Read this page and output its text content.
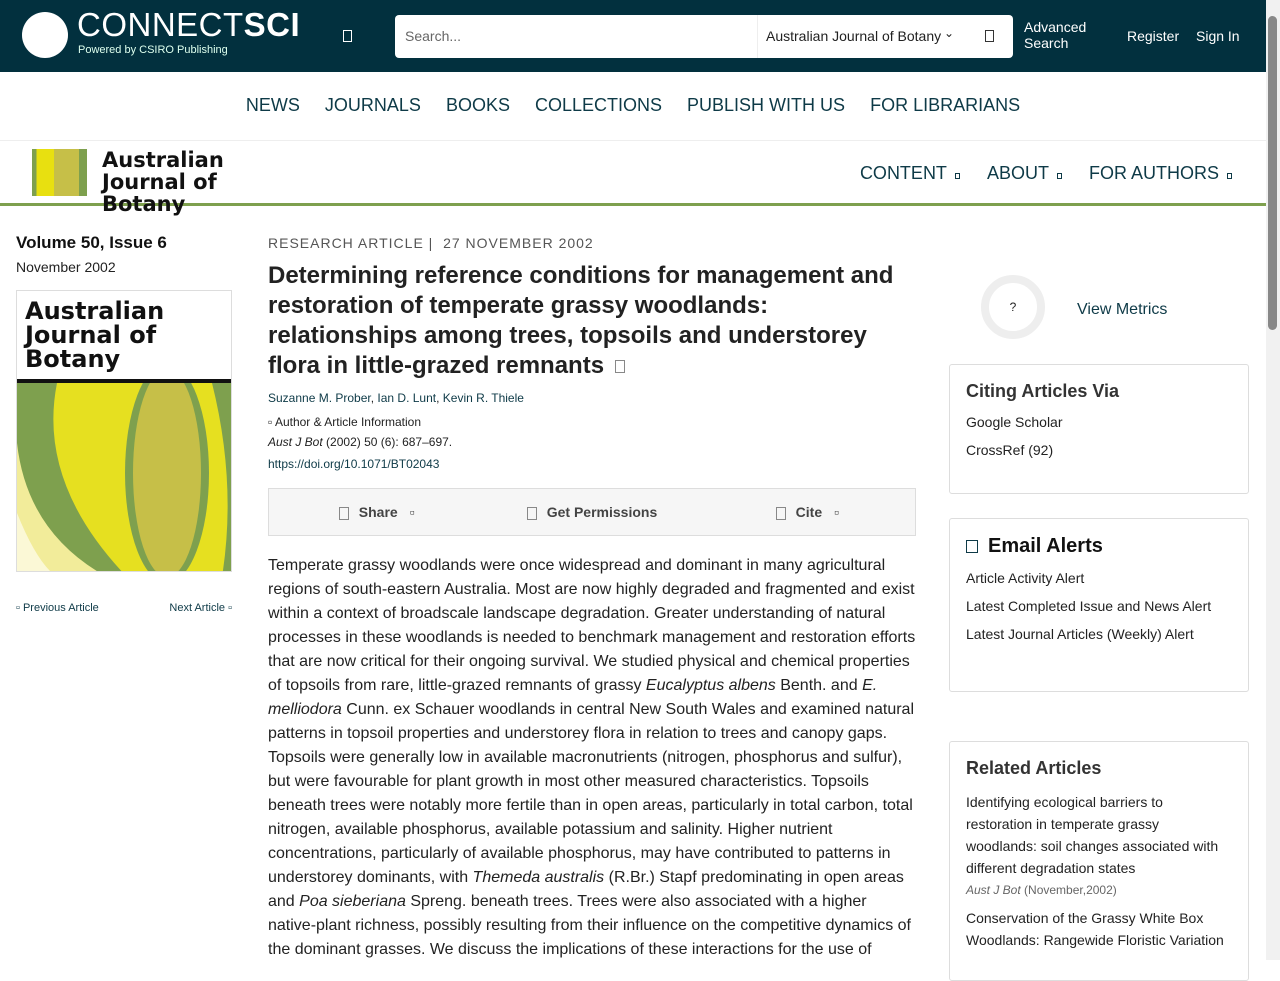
CONNECTSCI
Powered by CSIRO Publishing
Search...	Australian Journal of Botany ⌄	Advanced Search	Register Sign In
NEWS JOURNALS BOOKS COLLECTIONS PUBLISH WITH US FOR LIBRARIANS
Australian Journal of Botany
CONTENT ABOUT FOR AUTHORS
Volume 50, Issue 6
November 2002
Australian Journal of Botany
▫ Previous Article	Next Article ▫
RESEARCH ARTICLE |  27 NOVEMBER 2002
Determining reference conditions for management and restoration of temperate grassy woodlands: relationships among trees, topsoils and understorey flora in little-grazed remnants
Suzanne M. Prober, Ian D. Lunt, Kevin R. Thiele
▫ Author & Article Information
Aust J Bot (2002) 50 (6): 687–697.
https://doi.org/10.1071/BT02043
Share ▫	Get Permissions	Cite ▫

Temperate grassy woodlands were once widespread and dominant in many agricultural regions of south-eastern Australia. Most are now highly degraded and fragmented and exist within a context of broadscale landscape degradation. Greater understanding of natural processes in these woodlands is needed to benchmark management and restoration efforts that are now critical for their ongoing survival. We studied physical and chemical properties of topsoils from rare, little-grazed remnants of grassy Eucalyptus albens Benth. and E. melliodora Cunn. ex Schauer woodlands in central New South Wales and examined natural patterns in topsoil properties and understorey flora in relation to trees and canopy gaps. Topsoils were generally low in available macronutrients (nitrogen, phosphorus and sulfur), but were favourable for plant growth in most other measured characteristics. Topsoils beneath trees were notably more fertile than in open areas, particularly in total carbon, total nitrogen, available phosphorus, available potassium and salinity. Higher nutrient concentrations, particularly of available phosphorus, may have contributed to patterns in understorey dominants, with Themeda australis (R.Br.) Stapf predominating in open areas and Poa sieberiana Spreng. beneath trees. Trees were also associated with a higher native-plant richness, possibly resulting from their influence on the competitive dynamics of the dominant grasses. We discuss the implications of these interactions for the use of

?	View Metrics
Citing Articles Via
Google Scholar
CrossRef (92)
Email Alerts
Article Activity Alert
Latest Completed Issue and News Alert
Latest Journal Articles (Weekly) Alert
Related Articles
Identifying ecological barriers to restoration in temperate grassy woodlands: soil changes associated with different degradation states
Aust J Bot (November,2002)
Conservation of the Grassy White Box Woodlands: Rangewide Floristic Variation
